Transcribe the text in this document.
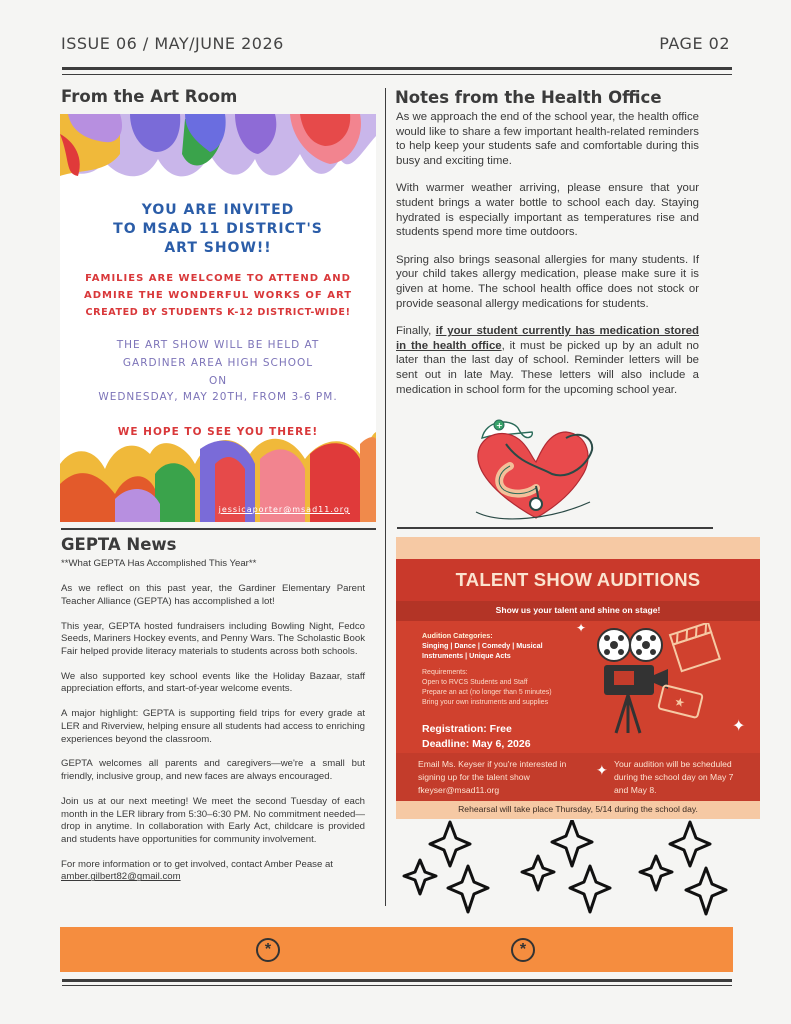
ISSUE 06 / MAY/JUNE 2026	PAGE 02
From the Art Room
YOU ARE INVITED
TO MSAD 11 DISTRICT'S
ART SHOW!!
FAMILIES ARE WELCOME TO ATTEND AND
ADMIRE THE WONDERFUL WORKS OF ART
CREATED BY STUDENTS K-12 DISTRICT-WIDE!
THE ART SHOW WILL BE HELD AT
GARDINER AREA HIGH SCHOOL
ON
WEDNESDAY, MAY 20TH, FROM 3-6 PM.
WE HOPE TO SEE YOU THERE!
jessicaporter@msad11.org
GEPTA News

**What GEPTA Has Accomplished This Year**

As we reflect on this past year, the Gardiner Elementary Parent Teacher Alliance (GEPTA) has accomplished a lot!

This year, GEPTA hosted fundraisers including Bowling Night, Fedco Seeds, Mariners Hockey events, and Penny Wars. The Scholastic Book Fair helped provide literacy materials to students across both schools.

We also supported key school events like the Holiday Bazaar, staff appreciation efforts, and start-of-year welcome events.

A major highlight: GEPTA is supporting field trips for every grade at LER and Riverview, helping ensure all students had access to enriching experiences beyond the classroom.

GEPTA welcomes all parents and caregivers—we're a small but friendly, inclusive group, and new faces are always encouraged.

Join us at our next meeting! We meet the second Tuesday of each month in the LER library from 5:30–6:30 PM. No commitment needed—drop in anytime. In collaboration with Early Act, childcare is provided and students have opportunities for community involvement.

For more information or to get involved, contact Amber Pease at

amber.gilbert82@gmail.com
Notes from the Health Office

As we approach the end of the school year, the health office would like to share a few important health-related reminders to help keep your students safe and comfortable during this busy and exciting time.

With warmer weather arriving, please ensure that your student brings a water bottle to school each day. Staying hydrated is especially important as temperatures rise and students spend more time outdoors.

Spring also brings seasonal allergies for many students. If your child takes allergy medication, please make sure it is given at home. The school health office does not stock or provide seasonal allergy medications for students.

Finally, if your student currently has medication stored in the health office, it must be picked up by an adult no later than the last day of school. Reminder letters will be sent out in late May. These letters will also include a medication in school form for the upcoming school year.

+
TALENT SHOW AUDITIONS
Show us your talent and shine on stage!
Audition Categories:
Singing | Dance | Comedy | Musical
Instruments | Unique Acts
Requirements:
Open to RVCS Students and Staff
Prepare an act (no longer than 5 minutes)
Bring your own instruments and supplies
Registration: Free
Deadline: May 6, 2026
Email Ms. Keyser if you're interested in
signing up for the talent show
fkeyser@msad11.org
Your audition will be scheduled
during the school day on May 7
and May 8.
Rehearsal will take place Thursday, 5/14 during the school day.
★
✦
✦
✦
*	*
